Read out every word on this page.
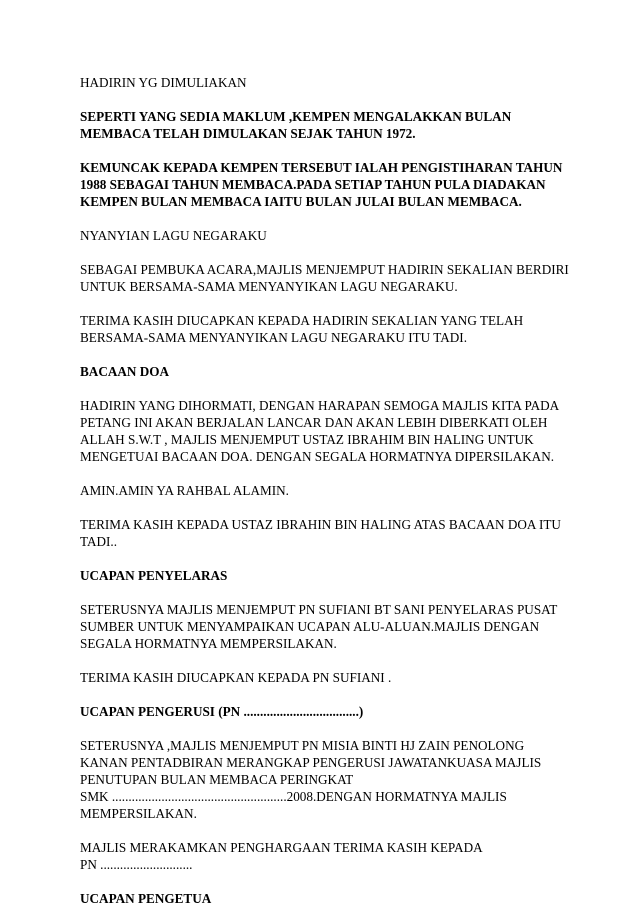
HADIRIN YG DIMULIAKAN

SEPERTI YANG SEDIA MAKLUM ,KEMPEN MENGALAKKAN BULAN
MEMBACA TELAH DIMULAKAN SEJAK TAHUN 1972.

KEMUNCAK KEPADA KEMPEN TERSEBUT IALAH PENGISTIHARAN TAHUN
1988 SEBAGAI TAHUN MEMBACA.PADA SETIAP TAHUN PULA DIADAKAN
KEMPEN BULAN MEMBACA IAITU BULAN JULAI BULAN MEMBACA.

NYANYIAN LAGU NEGARAKU

SEBAGAI PEMBUKA ACARA,MAJLIS MENJEMPUT HADIRIN SEKALIAN BERDIRI
UNTUK BERSAMA-SAMA MENYANYIKAN LAGU NEGARAKU.

TERIMA KASIH DIUCAPKAN KEPADA HADIRIN SEKALIAN YANG TELAH
BERSAMA-SAMA MENYANYIKAN LAGU NEGARAKU ITU TADI.

BACAAN DOA

HADIRIN YANG DIHORMATI, DENGAN HARAPAN SEMOGA MAJLIS KITA PADA
PETANG INI AKAN BERJALAN LANCAR DAN AKAN LEBIH DIBERKATI OLEH
ALLAH S.W.T , MAJLIS MENJEMPUT USTAZ IBRAHIM BIN HALING UNTUK
MENGETUAI BACAAN DOA. DENGAN SEGALA HORMATNYA DIPERSILAKAN.

AMIN.AMIN YA RAHBAL ALAMIN.

TERIMA KASIH KEPADA USTAZ IBRAHIN BIN HALING ATAS BACAAN DOA ITU
TADI..

UCAPAN PENYELARAS

SETERUSNYA MAJLIS MENJEMPUT PN SUFIANI BT SANI PENYELARAS PUSAT
SUMBER UNTUK MENYAMPAIKAN UCAPAN ALU-ALUAN.MAJLIS DENGAN
SEGALA HORMATNYA MEMPERSILAKAN.

TERIMA KASIH DIUCAPKAN KEPADA PN SUFIANI .

UCAPAN PENGERUSI (PN ...................................)

SETERUSNYA ,MAJLIS MENJEMPUT PN MISIA BINTI HJ ZAIN PENOLONG
KANAN PENTADBIRAN MERANGKAP PENGERUSI JAWATANKUASA MAJLIS
PENUTUPAN BULAN MEMBACA PERINGKAT
SMK .....................................................2008.DENGAN HORMATNYA MAJLIS
MEMPERSILAKAN.

MAJLIS MERAKAMKAN PENGHARGAAN TERIMA KASIH KEPADA
PN ............................

UCAPAN PENGETUA
